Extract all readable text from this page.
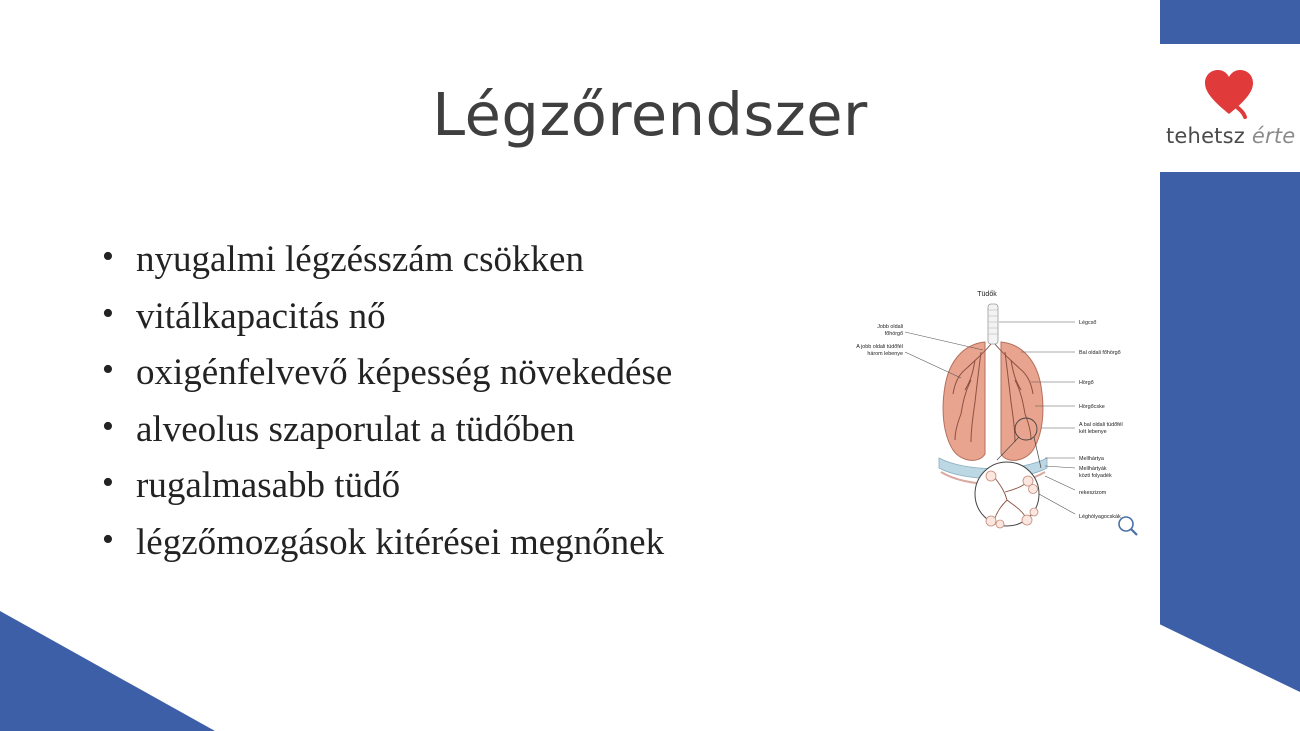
tehetsz érte
Légzőrendszer
• nyugalmi légzésszám csökken
• vitálkapacitás nő
• oxigénfelvevő képesség növekedése
• alveolus szaporulat a tüdőben
• rugalmasabb tüdő
• légzőmozgások kitérései megnőnek
Tüdők
Jobb oldali
főhörgő
A jobb oldali tüdőfél
három lebenye
Légcső
Bal oldali főhörgő
Hörgő
Hörgőcske
A bal oldali tüdőfél
két lebenye
Mellhártya
Mellhártyák
közti folyadék
rekeszizom
Léghólyagocskák
